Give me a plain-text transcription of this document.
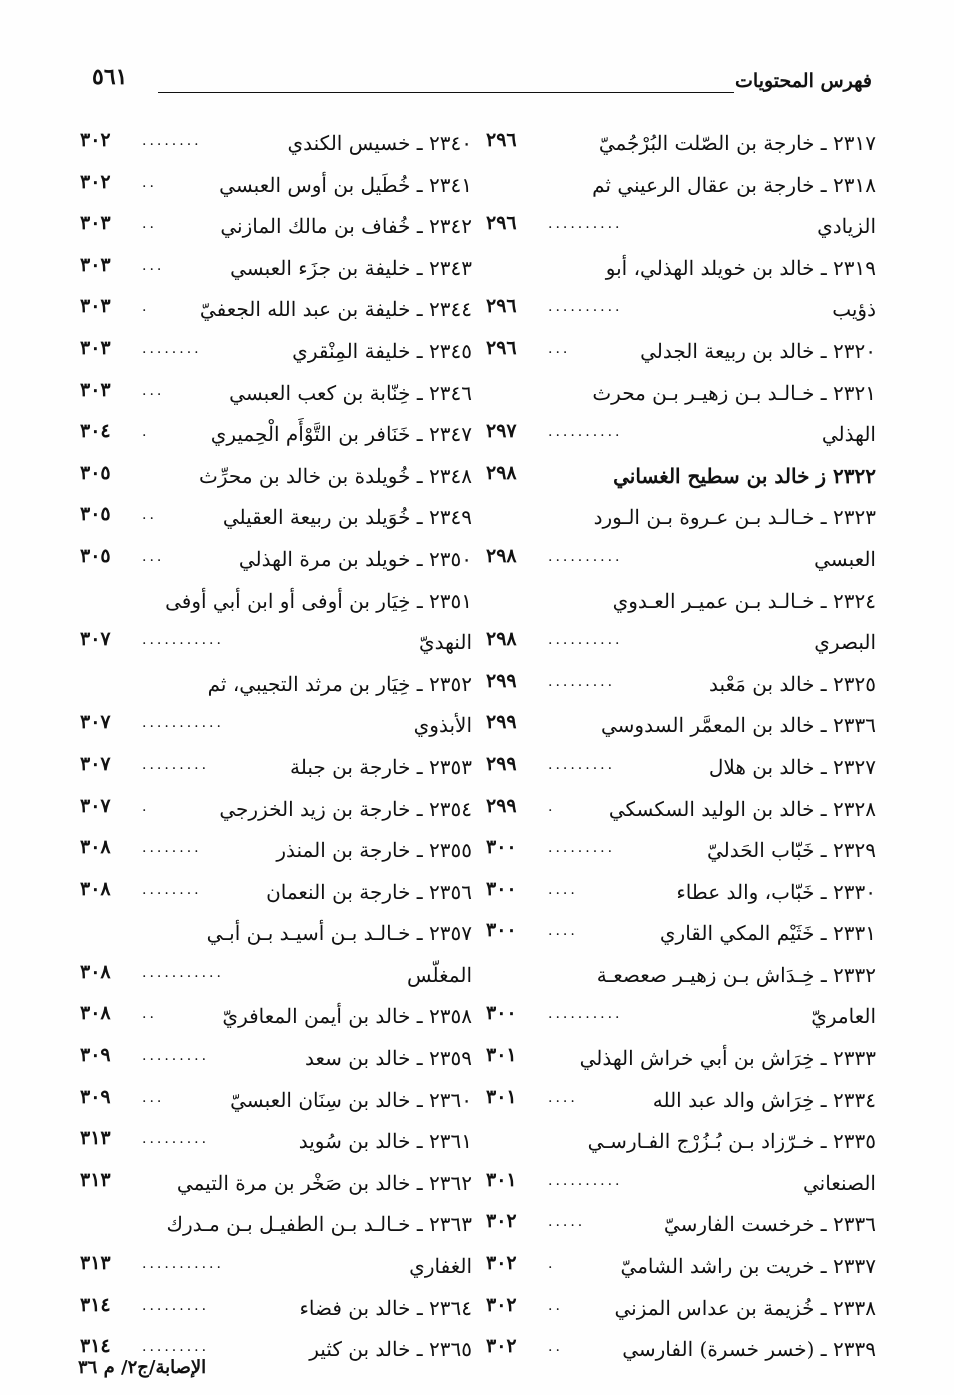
فهرس المحتويات
٥٦١
٢٣١٧ ـ خارجة بن الصّلت البُرْجُميّ
٢٩٦
٢٣١٨ ـ خارجة بن عقال الرعيني ثم
الزيادي
..........
٢٩٦
٢٣١٩ ـ خالد بن خويلد الهذلي، أبو
ذؤيب
..........
٢٩٦
٢٣٢٠ ـ خالد بن ربيعة الجدلي
...
٢٩٦
٢٣٢١ ـ خـالـد بـن زهيـر بـن محرث
الهذلي
..........
٢٩٧
٢٣٢٢ ز خالد بن سطيح الغساني
٢٩٨
٢٣٢٣ ـ خـالـد بـن عـروة بـن الـورد
العبسي
..........
٢٩٨
٢٣٢٤ ـ خـالـد بـن عميـر العـدوي
البصري
..........
٢٩٨
٢٣٢٥ ـ خالد بن مَعْبد
.........
٢٩٩
٢٣٣٦ ـ خالد بن المعمَّر السدوسي
٢٩٩
٢٣٢٧ ـ خالد بن هلال
.........
٢٩٩
٢٣٢٨ ـ خالد بن الوليد السكسكي
.
٢٩٩
٢٣٢٩ ـ خَبّاب الحَدليّ
.........
٣٠٠
٢٣٣٠ ـ خَبّاب، والد عطاء
....
٣٠٠
٢٣٣١ ـ خَثَيْم المكي القاري
....
٣٠٠
٢٣٣٢ ـ خِـدَاش بـن زهيـر صعصعـة
العامريّ
..........
٣٠٠
٢٣٣٣ ـ خِرَاش بن أبي خراش الهذلي
٣٠١
٢٣٣٤ ـ خِرَاش والد عبد الله
....
٣٠١
٢٣٣٥ ـ خـرّزاد بـن بُـزُرْج الفـارسـي
الصنعاني
..........
٣٠١
٢٣٣٦ ـ خرخست الفارسيّ
.....
٣٠٢
٢٣٣٧ ـ خريت بن راشد الشاميّ
.
٣٠٢
٢٣٣٨ ـ خُزيمة بن عداس المزني
..
٣٠٢
٢٣٣٩ ـ (خسر خسرة) الفارسي
..
٣٠٢
٢٣٤٠ ـ خسيس الكندي
........
٣٠٢
٢٣٤١ ـ خُطَيل بن أوس العبسي
..
٣٠٢
٢٣٤٢ ـ خُفاف بن مالك المازني
..
٣٠٣
٢٣٤٣ ـ خليفة بن جزَء العبسي
...
٣٠٣
٢٣٤٤ ـ خليفة بن عبد الله الجعفيّ
.
٣٠٣
٢٣٤٥ ـ خليفة المِنْقري
........
٣٠٣
٢٣٤٦ ـ خِنّابة بن كعب العبسي
...
٣٠٣
٢٣٤٧ ـ خَنَافر بن التَّوْأَم الْحِميري
.
٣٠٤
٢٣٤٨ ـ خُويلدة بن خالد بن محرِّث
٣٠٥
٢٣٤٩ ـ خُوَيلد بن ربيعة العقيلي
..
٣٠٥
٢٣٥٠ ـ خويلد بن مرة الهذلي
...
٣٠٥
٢٣٥١ ـ خِيَار بن أوفى أو ابن أبي أوفى
النهديّ
...........
٣٠٧
٢٣٥٢ ـ خِيَار بن مرثد التجيبي، ثم
الأبذوي
...........
٣٠٧
٢٣٥٣ ـ خارجة بن جبلة
.........
٣٠٧
٢٣٥٤ ـ خارجة بن زيد الخزرجي
.
٣٠٧
٢٣٥٥ ـ خارجة بن المنذر
........
٣٠٨
٢٣٥٦ ـ خارجة بن النعمان
........
٣٠٨
٢٣٥٧ ـ خـالـد بـن أسيـد بـن أبـي
المغلّس
...........
٣٠٨
٢٣٥٨ ـ خالد بن أيمن المعافريّ
..
٣٠٨
٢٣٥٩ ـ خالد بن سعد
.........
٣٠٩
٢٣٦٠ ـ خالد بن سِنَان العبسيّ
...
٣٠٩
٢٣٦١ ـ خالد بن سُويد
.........
٣١٣
٢٣٦٢ ـ خالد بن صَخْر بن مرة التيمي
٣١٣
٢٣٦٣ ـ خـالـد بـن الطفيـل بـن مـدرك
الغفاري
...........
٣١٣
٢٣٦٤ ـ خالد بن فضاء
.........
٣١٤
٢٣٦٥ ـ خالد بن كثير
.........
٣١٤
الإصابة/ج٢/ م ٣٦
